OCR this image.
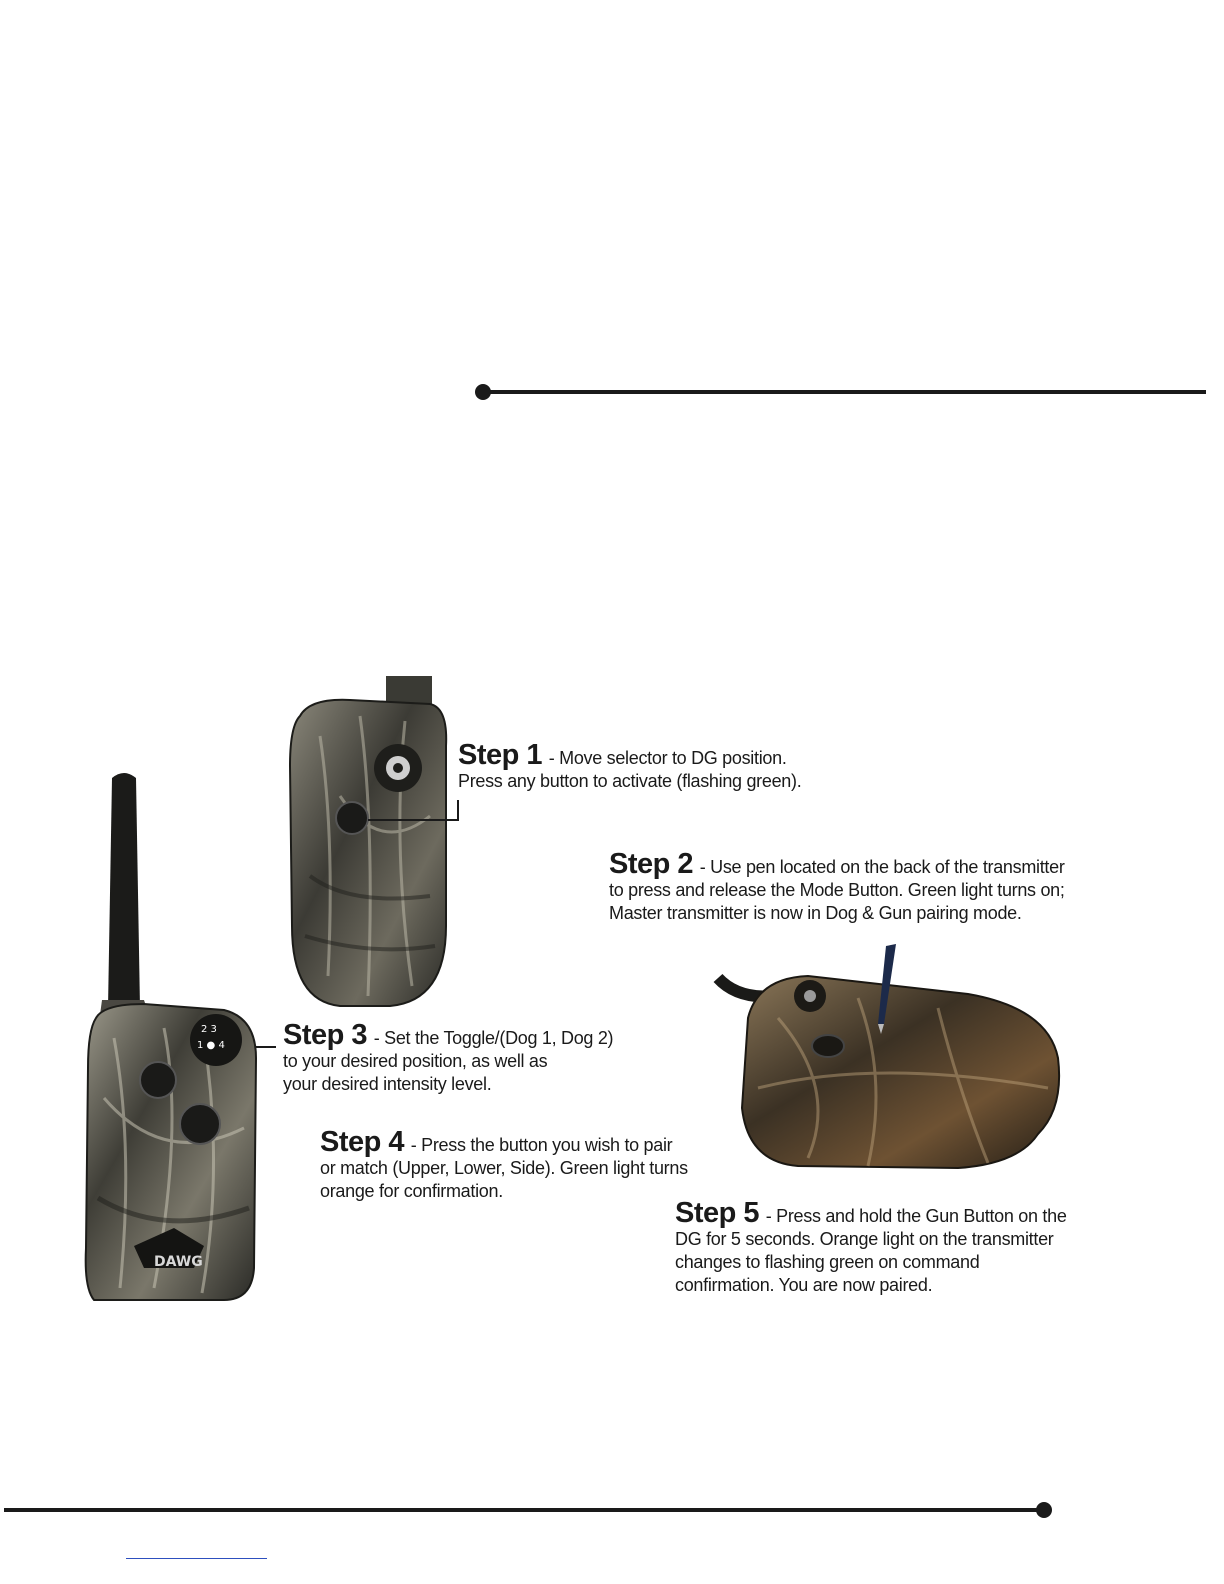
2 3
1 ● 4
DAWG
Step 1 - Move selector to DG position.
Press any button to activate (flashing green).
Step 2 - Use pen located on the back of the transmitter
to press and release the Mode Button. Green light turns on;
Master transmitter is now in Dog & Gun pairing mode.
Step 3 - Set the Toggle/(Dog 1, Dog 2)
to your desired position, as well as
your desired intensity level.
Step 4 - Press the button you wish to pair
or match (Upper, Lower, Side). Green light turns
orange for confirmation.
Step 5 - Press and hold the Gun Button on the
DG for 5 seconds. Orange light on the transmitter
changes to flashing green on command
confirmation. You are now paired.
